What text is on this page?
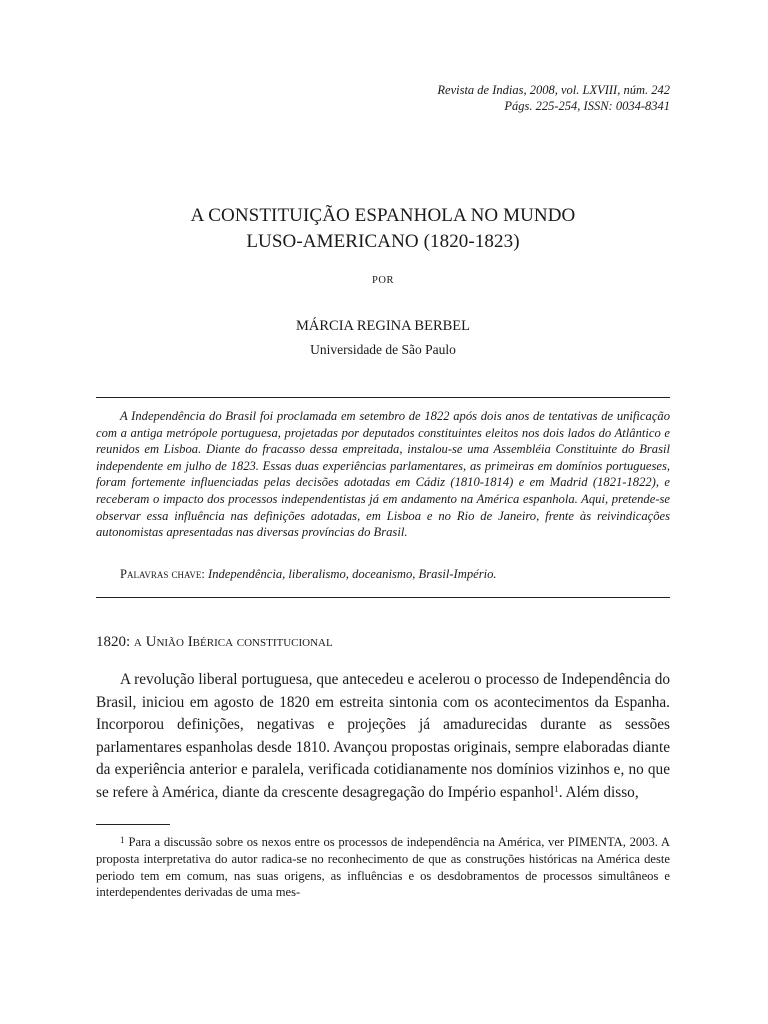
Revista de Indias, 2008, vol. LXVIII, núm. 242
Págs. 225-254, ISSN: 0034-8341
A CONSTITUIÇÃO ESPANHOLA NO MUNDO
LUSO-AMERICANO (1820-1823)
POR
MÁRCIA REGINA BERBEL
Universidade de São Paulo

A Independência do Brasil foi proclamada em setembro de 1822 após dois anos de tentativas de unificação com a antiga metrópole portuguesa, projetadas por deputados constituintes eleitos nos dois lados do Atlântico e reunidos em Lisboa. Diante do fracasso dessa empreitada, instalou-se uma Assembléia Constituinte do Brasil independente em julho de 1823. Essas duas experiências parlamentares, as primeiras em domínios portugueses, foram fortemente influenciadas pelas decisões adotadas em Cádiz (1810-1814) e em Madrid (1821-1822), e receberam o impacto dos processos independentistas já em andamento na América espanhola. Aqui, pretende-se observar essa influência nas definições adotadas, em Lisboa e no Rio de Janeiro, frente às reivindicações autonomistas apresentadas nas diversas províncias do Brasil.

Palavras chave: Independência, liberalismo, doceanismo, Brasil-Império.

1820: a União Ibérica constitucional

A revolução liberal portuguesa, que antecedeu e acelerou o processo de Independência do Brasil, iniciou em agosto de 1820 em estreita sintonia com os acontecimentos da Espanha. Incorporou definições, negativas e projeções já amadurecidas durante as sessões parlamentares espanholas desde 1810. Avançou propostas originais, sempre elaboradas diante da experiência anterior e paralela, verificada cotidianamente nos domínios vizinhos e, no que se refere à América, diante da crescente desagregação do Império espanhol$^1$. Além disso,

$^1$ Para a discussão sobre os nexos entre os processos de independência na América, ver PIMENTA, 2003. A proposta interpretativa do autor radica-se no reconhecimento de que as construções históricas na América deste periodo tem em comum, nas suas origens, as influências e os desdobramentos de processos simultâneos e interdependentes derivadas de uma mes-
